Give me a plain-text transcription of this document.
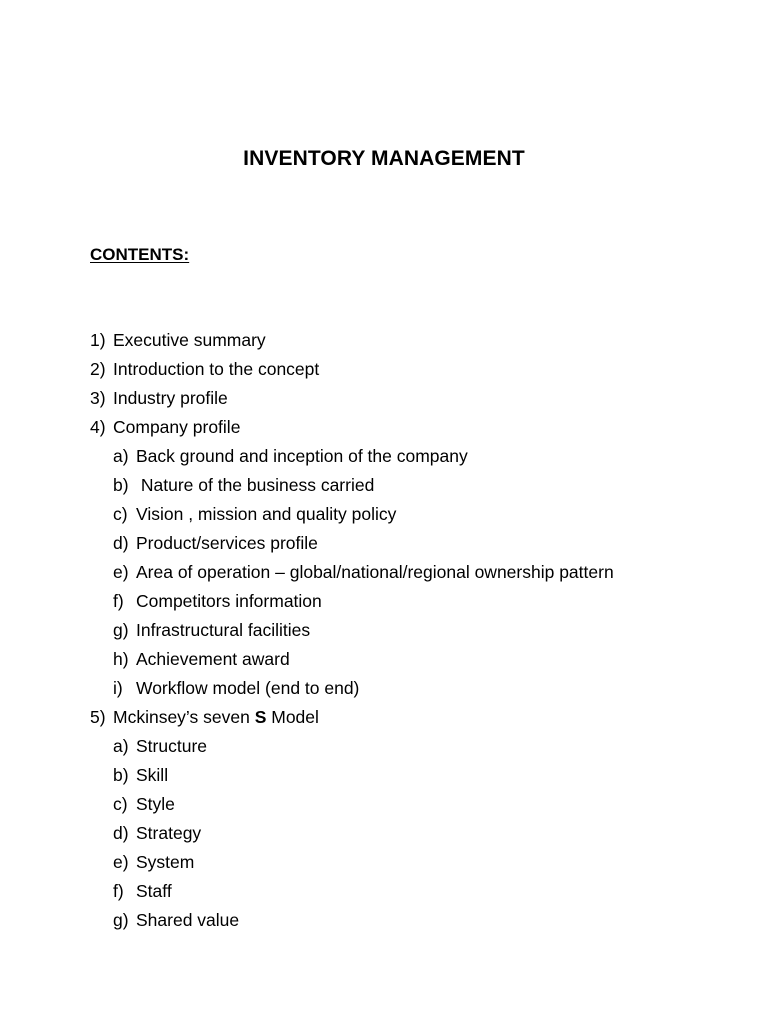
INVENTORY MANAGEMENT
CONTENTS:
1) Executive summary
2) Introduction to the concept
3) Industry profile
4) Company profile
a) Back ground and inception of the company
b) Nature of the business carried
c) Vision , mission and quality policy
d) Product/services profile
e) Area of operation – global/national/regional ownership pattern
f) Competitors information
g) Infrastructural facilities
h) Achievement award
i) Workflow model (end to end)
5) Mckinsey’s seven S Model
a) Structure
b) Skill
c) Style
d) Strategy
e) System
f) Staff
g) Shared value
